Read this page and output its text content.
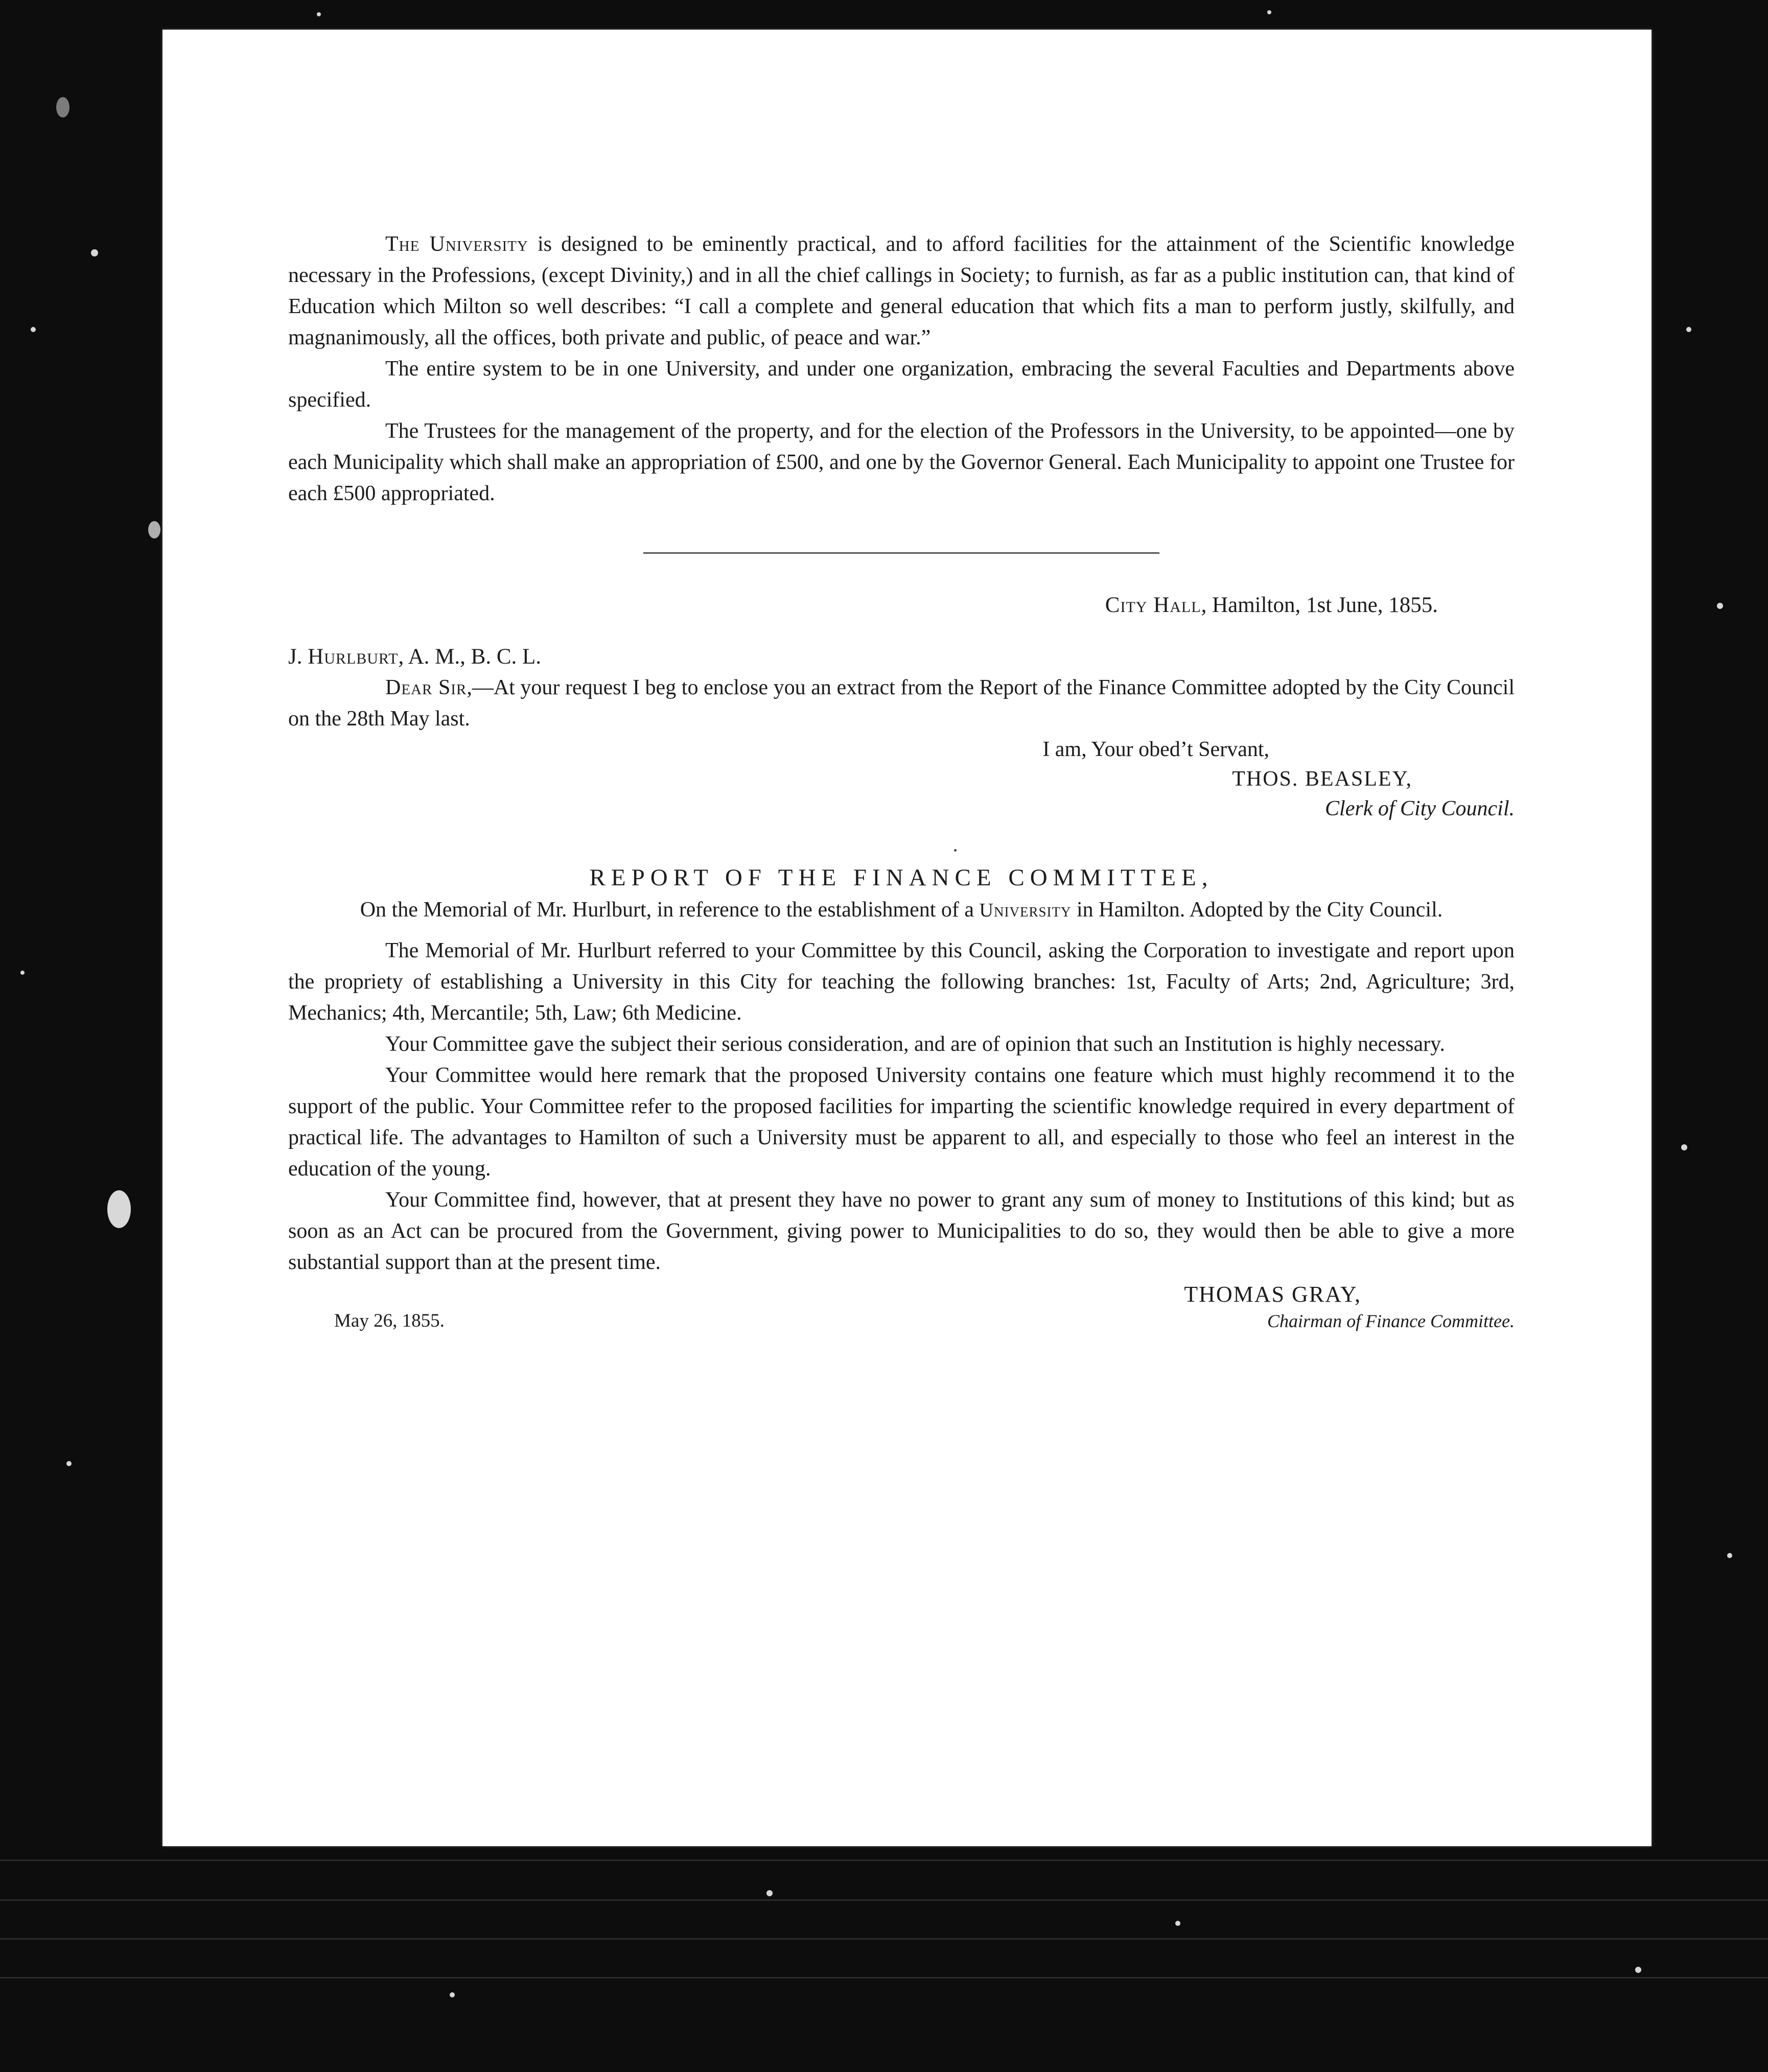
The University is designed to be eminently practical, and to afford facilities for the attainment of the Scientific knowledge necessary in the Professions, (except Divinity,) and in all the chief callings in Society; to furnish, as far as a public institution can, that kind of Education which Milton so well describes: “I call a complete and general education that which fits a man to perform justly, skilfully, and magnanimously, all the offices, both private and public, of peace and war.”

The entire system to be in one University, and under one organization, embracing the several Faculties and Departments above specified.

The Trustees for the management of the property, and for the election of the Professors in the University, to be appointed—one by each Municipality which shall make an appropriation of £500, and one by the Governor General. Each Municipality to appoint one Trustee for each £500 appropriated.

City Hall, Hamilton, 1st June, 1855.
J. Hurlburt, A. M., B. C. L.

Dear Sir,—At your request I beg to enclose you an extract from the Report of the Finance Committee adopted by the City Council on the 28th May last.

I am, Your obed’t Servant,
THOS. BEASLEY,
Clerk of City Council.
REPORT OF THE FINANCE COMMITTEE,
On the Memorial of Mr. Hurlburt, in reference to the establishment of a University in Hamilton. Adopted by the City Council.

The Memorial of Mr. Hurlburt referred to your Committee by this Council, asking the Corporation to investigate and report upon the propriety of establishing a University in this City for teaching the following branches: 1st, Faculty of Arts; 2nd, Agriculture; 3rd, Mechanics; 4th, Mercantile; 5th, Law; 6th Medicine.

Your Committee gave the subject their serious consideration, and are of opinion that such an Institution is highly necessary.

Your Committee would here remark that the proposed University contains one feature which must highly recommend it to the support of the public. Your Committee refer to the proposed facilities for imparting the scientific knowledge required in every department of practical life. The advantages to Hamilton of such a University must be apparent to all, and especially to those who feel an interest in the education of the young.

Your Committee find, however, that at present they have no power to grant any sum of money to Institutions of this kind; but as soon as an Act can be procured from the Government, giving power to Municipalities to do so, they would then be able to give a more substantial support than at the present time.

May 26, 1855.
THOMAS GRAY,
Chairman of Finance Committee.
